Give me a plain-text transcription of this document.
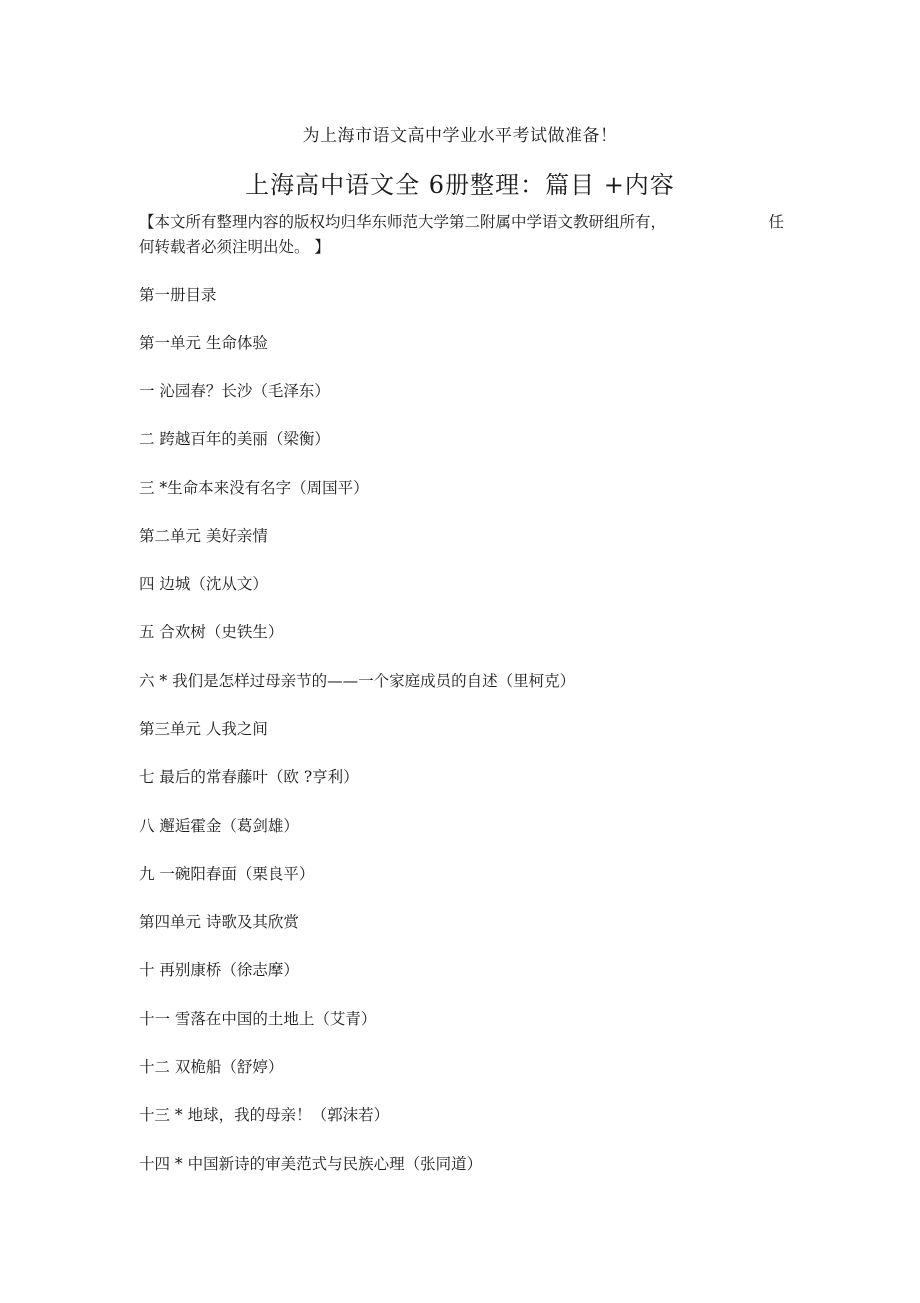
为上海市语文高中学业水平考试做准备！
上海高中语文全 6册整理：篇目 +内容
【本文所有整理内容的版权均归华东师范大学第二附属中学语文教研组所有，	任
何转载者必须注明出处。 】
第一册目录
第一单元 生命体验
一 沁园春？长沙（毛泽东）
二 跨越百年的美丽（梁衡）
三 *生命本来没有名字（周国平）
第二单元 美好亲情
四 边城（沈从文）
五 合欢树（史铁生）
六 * 我们是怎样过母亲节的——一个家庭成员的自述（里柯克）
第三单元 人我之间
七 最后的常春藤叶（欧 ?亨利）
八 邂逅霍金（葛剑雄）
九 一碗阳春面（栗良平）
第四单元 诗歌及其欣赏
十 再别康桥（徐志摩）
十一 雪落在中国的土地上（艾青）
十二 双桅船（舒婷）
十三 * 地球，我的母亲！（郭沫若）
十四 * 中国新诗的审美范式与民族心理（张同道）
